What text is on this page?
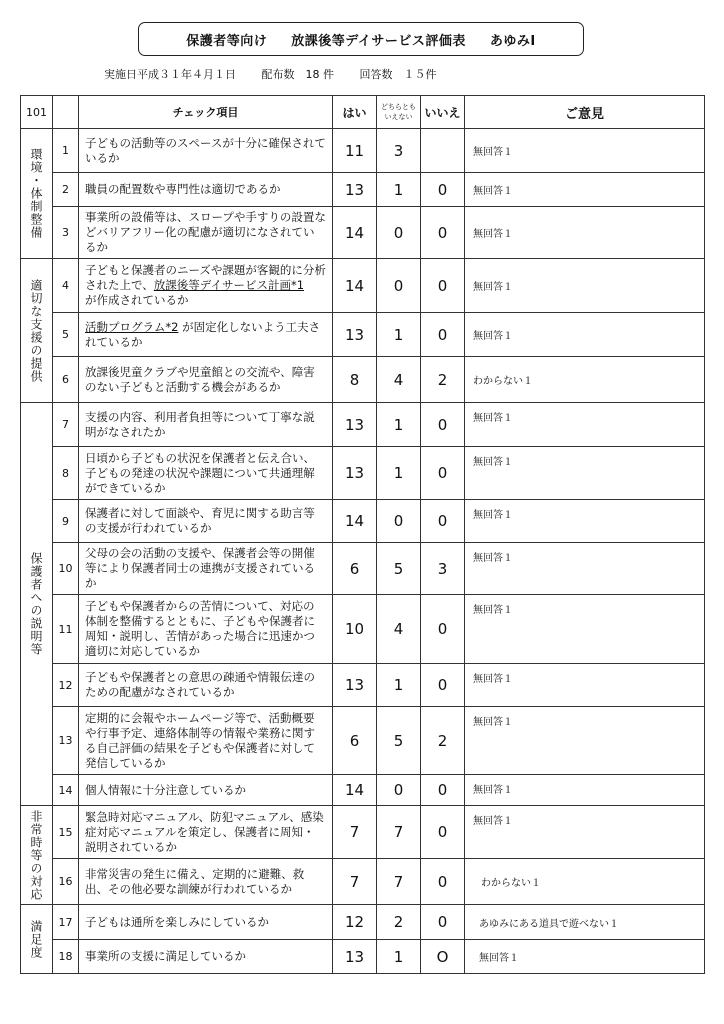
保護者等向け 放課後等デイサービス評価表 あゆみⅠ
実施日平成３１年４月１日 配布数　18 件 回答数　１５件
101		チェック項目	はい	どちらとも
いえない	いいえ	ご意見
環境・体制整備	1	子どもの活動等のスペースが十分に確保されているか	11	3		無回答１
	2	職員の配置数や専門性は適切であるか	13	1	0	無回答１
	3	事業所の設備等は、スロープや手すりの設置などバリアフリー化の配慮が適切になされているか	14	0	0	無回答１
適切な支援の提供	4	子どもと保護者のニーズや課題が客観的に分析された上で、放課後等デイサービス計画*1
が作成されているか	14	0	0	無回答１
	5	活動プログラム*2 が固定化しないよう工夫されているか	13	1	0	無回答１
	6	放課後児童クラブや児童館との交流や、障害のない子どもと活動する機会があるか	8	4	2	わからない１
保護者への説明等	7	支援の内容、利用者負担等について丁寧な説明がなされたか	13	1	0	無回答１
	8	日頃から子どもの状況を保護者と伝え合い、子どもの発達の状況や課題について共通理解ができているか	13	1	0	無回答１
	9	保護者に対して面談や、育児に関する助言等の支援が行われているか	14	0	0	無回答１
	10	父母の会の活動の支援や、保護者会等の開催等により保護者同士の連携が支援されているか	6	5	3	無回答１
	11	子どもや保護者からの苦情について、対応の体制を整備するとともに、子どもや保護者に周知・説明し、苦情があった場合に迅速かつ適切に対応しているか	10	4	0	無回答１
	12	子どもや保護者との意思の疎通や情報伝達のための配慮がなされているか	13	1	0	無回答１
	13	定期的に会報やホームページ等で、活動概要や行事予定、連絡体制等の情報や業務に関する自己評価の結果を子どもや保護者に対して発信しているか	6	5	2	無回答１
	14	個人情報に十分注意しているか	14	0	0	無回答１
非常時等の対応	15	緊急時対応マニュアル、防犯マニュアル、感染症対応マニュアルを策定し、保護者に周知・説明されているか	7	7	0	無回答１
	16	非常災害の発生に備え、定期的に避難、救出、その他必要な訓練が行われているか	7	7	0	わからない１
満足度	17	子どもは通所を楽しみにしているか	12	2	0	あゆみにある道具で遊べない１
	18	事業所の支援に満足しているか	13	1	O	無回答１
